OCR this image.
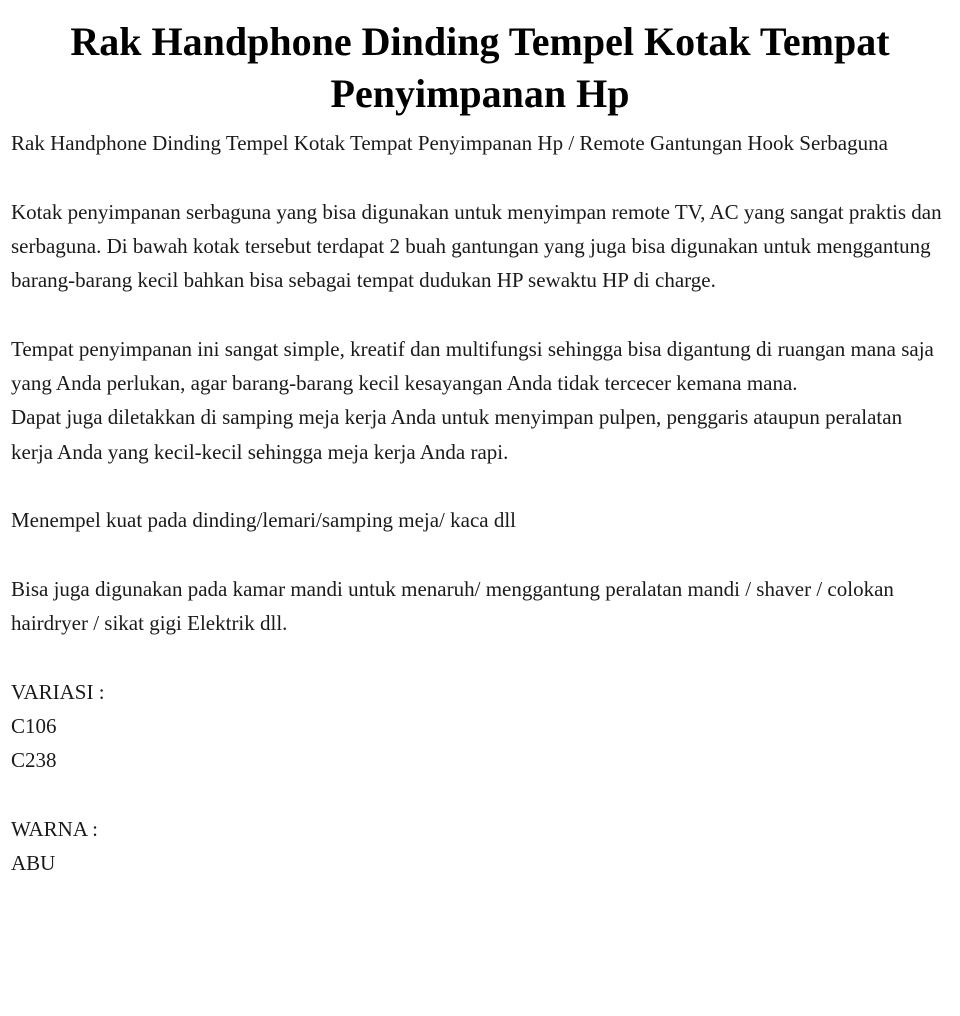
Rak Handphone Dinding Tempel Kotak Tempat Penyimpanan Hp
Rak Handphone Dinding Tempel Kotak Tempat Penyimpanan Hp / Remote Gantungan Hook Serbaguna
Kotak penyimpanan serbaguna yang bisa digunakan untuk menyimpan remote TV, AC yang sangat praktis dan serbaguna. Di bawah kotak tersebut terdapat 2 buah gantungan yang juga bisa digunakan untuk menggantung barang-barang kecil bahkan bisa sebagai tempat dudukan HP sewaktu HP di charge.
Tempat penyimpanan ini sangat simple, kreatif dan multifungsi sehingga bisa digantung di ruangan mana saja yang Anda perlukan, agar barang-barang kecil kesayangan Anda tidak tercecer kemana mana.
Dapat juga diletakkan di samping meja kerja Anda untuk menyimpan pulpen, penggaris ataupun peralatan kerja Anda yang kecil-kecil sehingga meja kerja Anda rapi.
Menempel kuat pada dinding/lemari/samping meja/ kaca dll
Bisa juga digunakan pada kamar mandi untuk menaruh/ menggantung peralatan mandi / shaver / colokan hairdryer / sikat gigi Elektrik dll.
VARIASI :
C106
C238
WARNA :
ABU
